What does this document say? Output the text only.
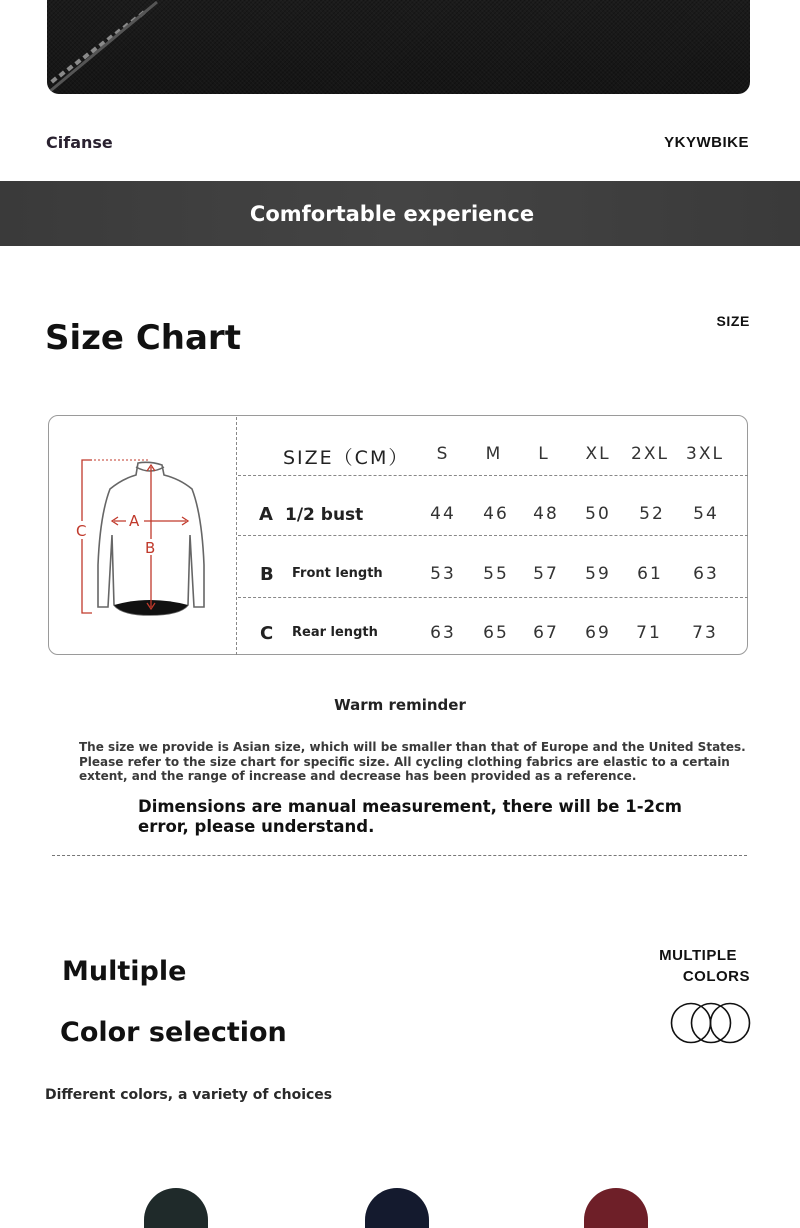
Cifanse	YKYWBIKE
Comfortable experience
Size Chart	SIZE
A
B
C
SIZE（CM） S M L XL 2XL 3XL
A 1/2 bust	44 46 48 50 52 54
B Front length	53 55 57 59 61 63
C Rear length	63 65 67 69 71 73
Warm reminder
The size we provide is Asian size, which will be smaller than that of Europe and the United States. Please refer to the size chart for specific size. All cycling clothing fabrics are elastic to a certain extent, and the range of increase and decrease has been provided as a reference.
Dimensions are manual measurement, there will be 1-2cm error, please understand.
Multiple
Color selection
MULTIPLE
COLORS
Different colors, a variety of choices
